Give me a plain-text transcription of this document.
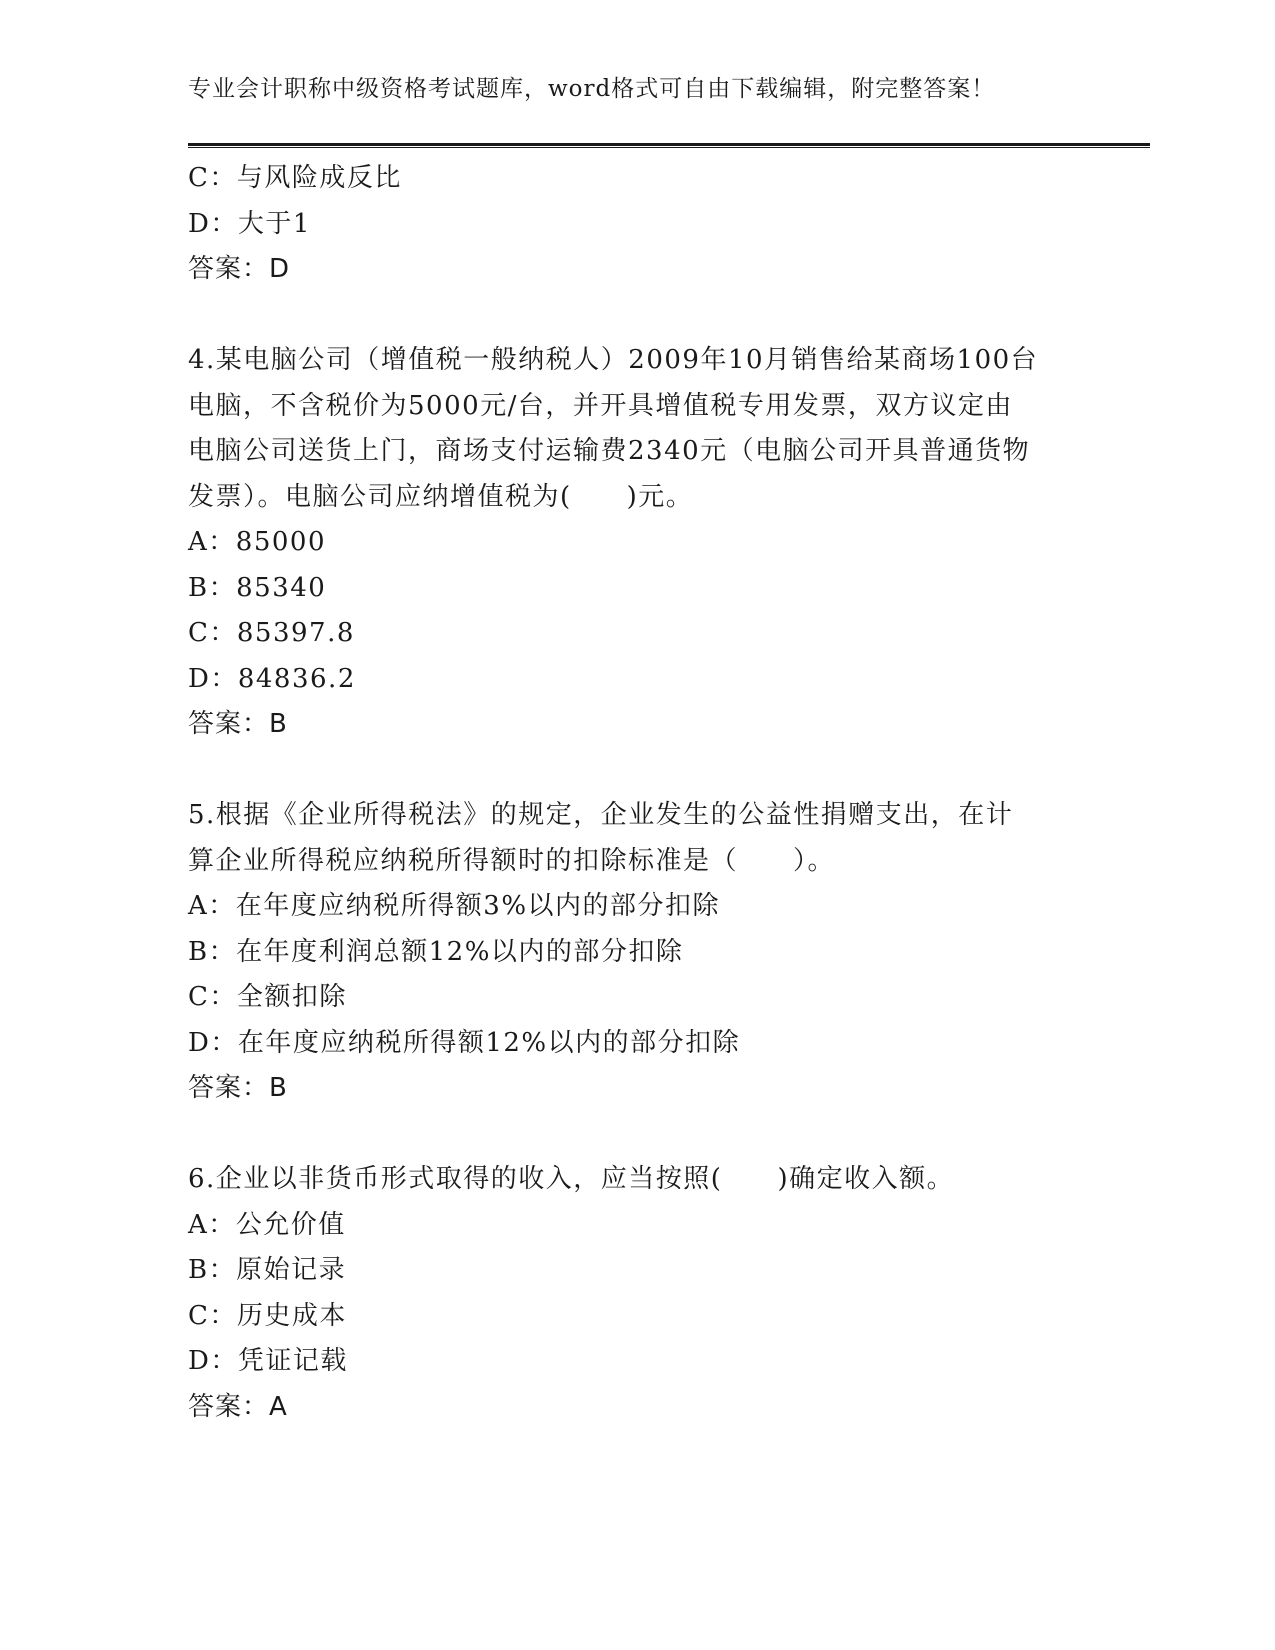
专业会计职称中级资格考试题库，word格式可自由下载编辑，附完整答案！
C：与风险成反比
D：大于1
答案：D
4.某电脑公司（增值税一般纳税人）2009年10月销售给某商场100台
电脑，不含税价为5000元/台，并开具增值税专用发票，双方议定由
电脑公司送货上门，商场支付运输费2340元（电脑公司开具普通货物
发票）。电脑公司应纳增值税为(　　)元。
A：85000
B：85340
C：85397.8
D：84836.2
答案：B
5.根据《企业所得税法》的规定，企业发生的公益性捐赠支出，在计
算企业所得税应纳税所得额时的扣除标准是（　　）。
A：在年度应纳税所得额3%以内的部分扣除
B：在年度利润总额12%以内的部分扣除
C：全额扣除
D：在年度应纳税所得额12%以内的部分扣除
答案：B
6.企业以非货币形式取得的收入，应当按照(　　)确定收入额。
A：公允价值
B：原始记录
C：历史成本
D：凭证记载
答案：A
